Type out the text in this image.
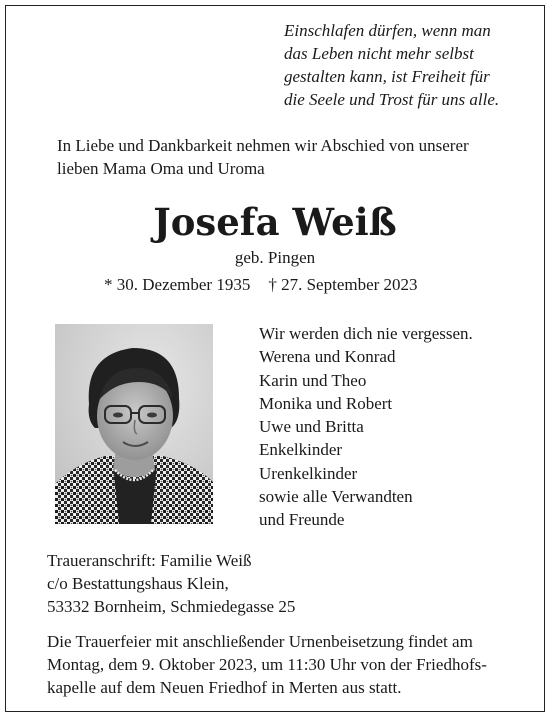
Einschlafen dürfen, wenn man
das Leben nicht mehr selbst
gestalten kann, ist Freiheit für
die Seele und Trost für uns alle.
In Liebe und Dankbarkeit nehmen wir Abschied von unserer
lieben Mama Oma und Uroma
Josefa Weiß
geb. Pingen
* 30. Dezember 1935 † 27. September 2023
Wir werden dich nie vergessen.
Werena und Konrad
Karin und Theo
Monika und Robert
Uwe und Britta
Enkelkinder
Urenkelkinder
sowie alle Verwandten
und Freunde
Traueranschrift: Familie Weiß
c/o Bestattungshaus Klein,
53332 Bornheim, Schmiedegasse 25
Die Trauerfeier mit anschließender Urnenbeisetzung findet am
Montag, dem 9. Oktober 2023, um 11:30 Uhr von der Friedhofs-
kapelle auf dem Neuen Friedhof in Merten aus statt.
